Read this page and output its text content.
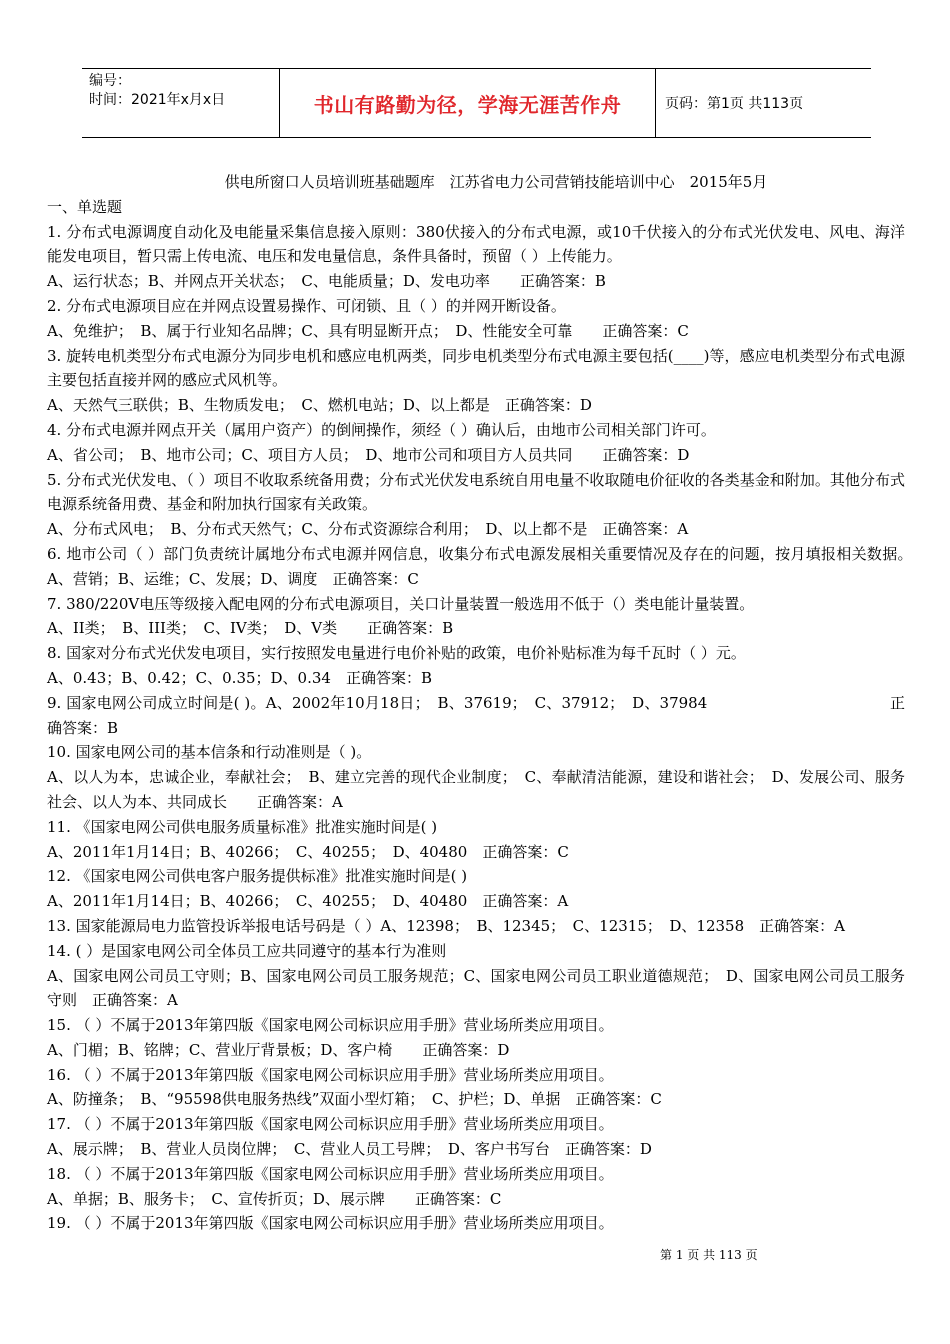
编号：
时间：2021年x月x日	书山有路勤为径，学海无涯苦作舟	页码：第1页 共113页

供电所窗口人员培训班基础题库　江苏省电力公司营销技能培训中心　2015年5月

一、单选题

1. 分布式电源调度自动化及电能量采集信息接入原则：380伏接入的分布式电源，或10千伏接入的分布式光伏发电、风电、海洋能发电项目，暂只需上传电流、电压和发电量信息，条件具备时，预留（ ）上传能力。

A、运行状态；B、并网点开关状态；　C、电能质量；D、发电功率　　正确答案：B

2. 分布式电源项目应在并网点设置易操作、可闭锁、且（ ）的并网开断设备。

A、免维护；　B、属于行业知名品牌；C、具有明显断开点；　D、性能安全可靠　　正确答案：C

3. 旋转电机类型分布式电源分为同步电机和感应电机两类，同步电机类型分布式电源主要包括(____)等，感应电机类型分布式电源主要包括直接并网的感应式风机等。

A、天然气三联供；B、生物质发电；　C、燃机电站；D、以上都是　正确答案：D

4. 分布式电源并网点开关（属用户资产）的倒闸操作，须经（ ）确认后，由地市公司相关部门许可。

A、省公司；　B、地市公司；C、项目方人员；　D、地市公司和项目方人员共同　　正确答案：D

5. 分布式光伏发电、（ ）项目不收取系统备用费；分布式光伏发电系统自用电量不收取随电价征收的各类基金和附加。其他分布式电源系统备用费、基金和附加执行国家有关政策。

A、分布式风电；　B、分布式天然气；C、分布式资源综合利用；　D、以上都不是　正确答案：A

6. 地市公司（ ）部门负责统计属地分布式电源并网信息，收集分布式电源发展相关重要情况及存在的问题，按月填报相关数据。　A、营销；B、运维；C、发展；D、调度　正确答案：C

7. 380/220V电压等级接入配电网的分布式电源项目，关口计量装置一般选用不低于（）类电能计量装置。

A、II类；　B、III类；　C、IV类；　D、V类　　正确答案：B

8. 国家对分布式光伏发电项目，实行按照发电量进行电价补贴的政策，电价补贴标准为每千瓦时（ ）元。

A、0.43；B、0.42；C、0.35；D、0.34　正确答案：B

9. 国家电网公司成立时间是( )。A、2002年10月18日；　B、37619；　C、37912；　D、37984　　　　　　　　　　　　正确答案：B

10. 国家电网公司的基本信条和行动准则是（ )。

A、以人为本，忠诚企业，奉献社会；　B、建立完善的现代企业制度；　C、奉献清洁能源，建设和谐社会；　D、发展公司、服务社会、以人为本、共同成长　　正确答案：A

11. 《国家电网公司供电服务质量标准》批准实施时间是( )

A、2011年1月14日；B、40266；　C、40255；　D、40480　正确答案：C

12. 《国家电网公司供电客户服务提供标准》批准实施时间是( )

A、2011年1月14日；B、40266；　C、40255；　D、40480　正确答案：A

13. 国家能源局电力监管投诉举报电话号码是（ ）A、12398；　B、12345；　C、12315；　D、12358　正确答案：A

14. ( ）是国家电网公司全体员工应共同遵守的基本行为准则

A、国家电网公司员工守则；B、国家电网公司员工服务规范；C、国家电网公司员工职业道德规范；　D、国家电网公司员工服务守则　正确答案：A

15. （ ）不属于2013年第四版《国家电网公司标识应用手册》营业场所类应用项目。

A、门楣；B、铭牌；C、营业厅背景板；D、客户椅　　正确答案：D

16. （ ）不属于2013年第四版《国家电网公司标识应用手册》营业场所类应用项目。

A、防撞条；　B、“95598供电服务热线”双面小型灯箱；　C、护栏；D、单据　正确答案：C

17. （ ）不属于2013年第四版《国家电网公司标识应用手册》营业场所类应用项目。

A、展示牌；　B、营业人员岗位牌；　C、营业人员工号牌；　D、客户书写台　正确答案：D

18. （ ）不属于2013年第四版《国家电网公司标识应用手册》营业场所类应用项目。

A、单据；B、服务卡；　C、宣传折页；D、展示牌　　正确答案：C

19. （ ）不属于2013年第四版《国家电网公司标识应用手册》营业场所类应用项目。

第 1 页 共 113 页
